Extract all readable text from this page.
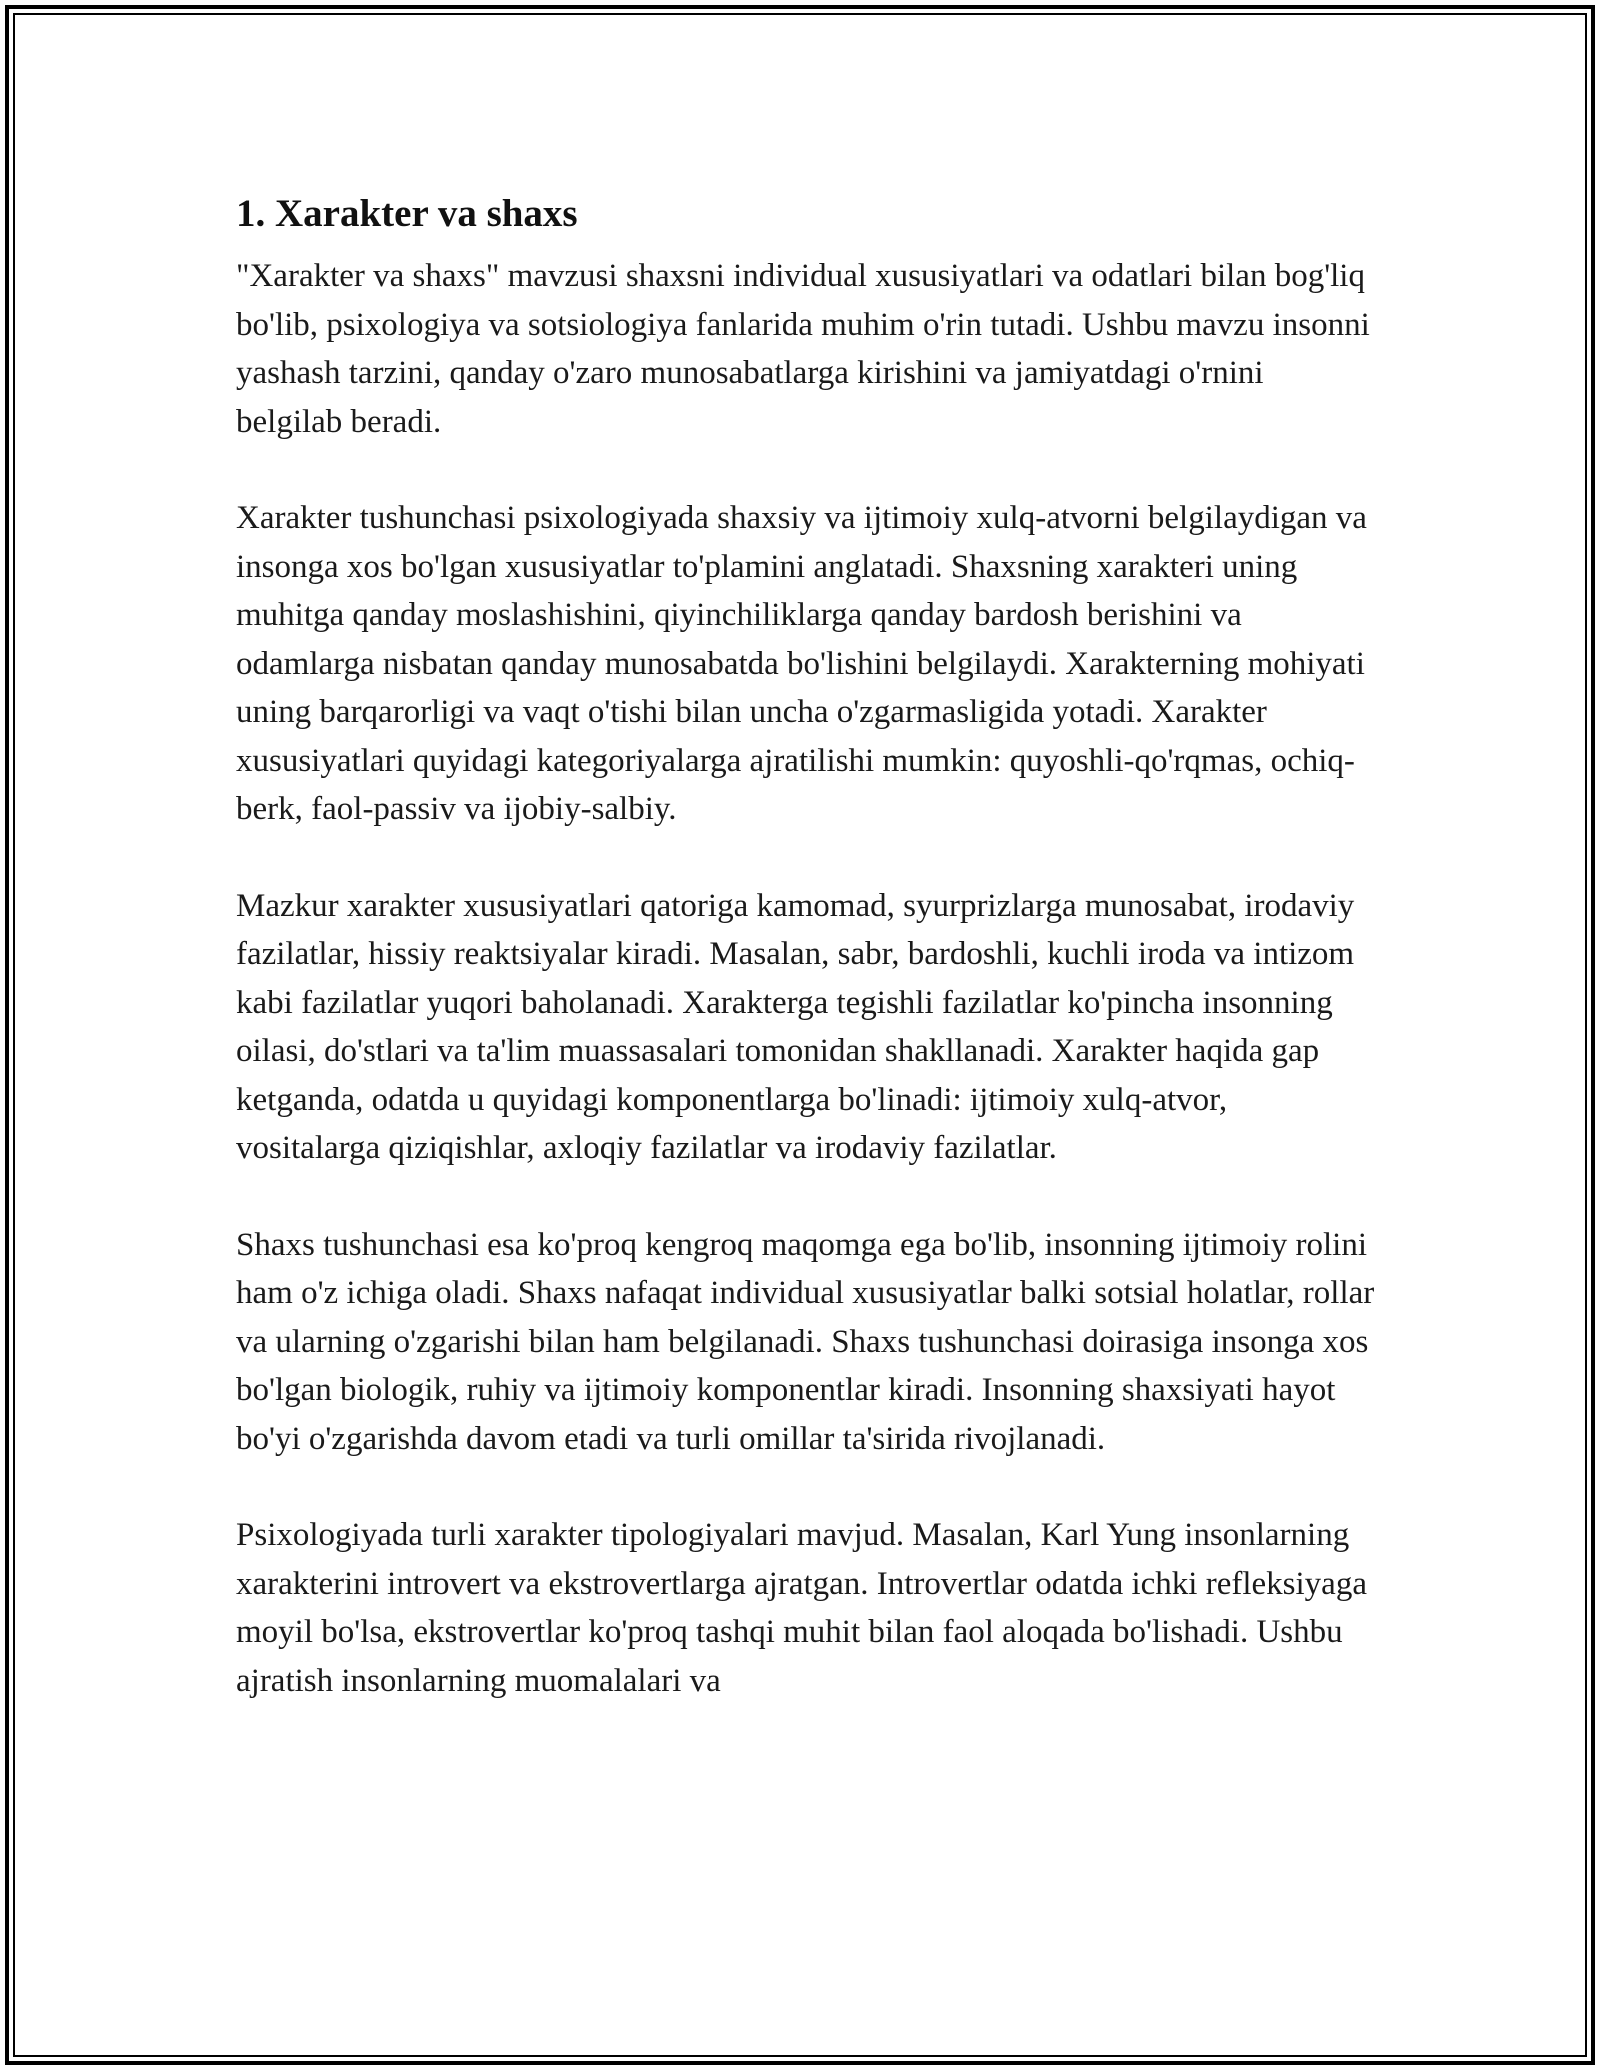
1. Xarakter va shaxs

"Xarakter va shaxs" mavzusi shaxsni individual xususiyatlari va odatlari bilan bog'liq bo'lib, psixologiya va sotsiologiya fanlarida muhim o'rin tutadi. Ushbu mavzu insonni yashash tarzini, qanday o'zaro munosabatlarga kirishini va jamiyatdagi o'rnini belgilab beradi.

Xarakter tushunchasi psixologiyada shaxsiy va ijtimoiy xulq-atvorni belgilaydigan va insonga xos bo'lgan xususiyatlar to'plamini anglatadi. Shaxsning xarakteri uning muhitga qanday moslashishini, qiyinchiliklarga qanday bardosh berishini va odamlarga nisbatan qanday munosabatda bo'lishini belgilaydi. Xarakterning mohiyati uning barqarorligi va vaqt o'tishi bilan uncha o'zgarmasligida yotadi. Xarakter xususiyatlari quyidagi kategoriyalarga ajratilishi mumkin: quyoshli-qo'rqmas, ochiq-berk, faol-passiv va ijobiy-salbiy.

Mazkur xarakter xususiyatlari qatoriga kamomad, syurprizlarga munosabat, irodaviy fazilatlar, hissiy reaktsiyalar kiradi. Masalan, sabr, bardoshli, kuchli iroda va intizom kabi fazilatlar yuqori baholanadi. Xarakterga tegishli fazilatlar ko'pincha insonning oilasi, do'stlari va ta'lim muassasalari tomonidan shakllanadi. Xarakter haqida gap ketganda, odatda u quyidagi komponentlarga bo'linadi: ijtimoiy xulq-atvor, vositalarga qiziqishlar, axloqiy fazilatlar va irodaviy fazilatlar.

Shaxs tushunchasi esa ko'proq kengroq maqomga ega bo'lib, insonning ijtimoiy rolini ham o'z ichiga oladi. Shaxs nafaqat individual xususiyatlar balki sotsial holatlar, rollar va ularning o'zgarishi bilan ham belgilanadi. Shaxs tushunchasi doirasiga insonga xos bo'lgan biologik, ruhiy va ijtimoiy komponentlar kiradi. Insonning shaxsiyati hayot bo'yi o'zgarishda davom etadi va turli omillar ta'sirida rivojlanadi.

Psixologiyada turli xarakter tipologiyalari mavjud. Masalan, Karl Yung insonlarning xarakterini introvert va ekstrovertlarga ajratgan. Introvertlar odatda ichki refleksiyaga moyil bo'lsa, ekstrovertlar ko'proq tashqi muhit bilan faol aloqada bo'lishadi. Ushbu ajratish insonlarning muomalalari va
